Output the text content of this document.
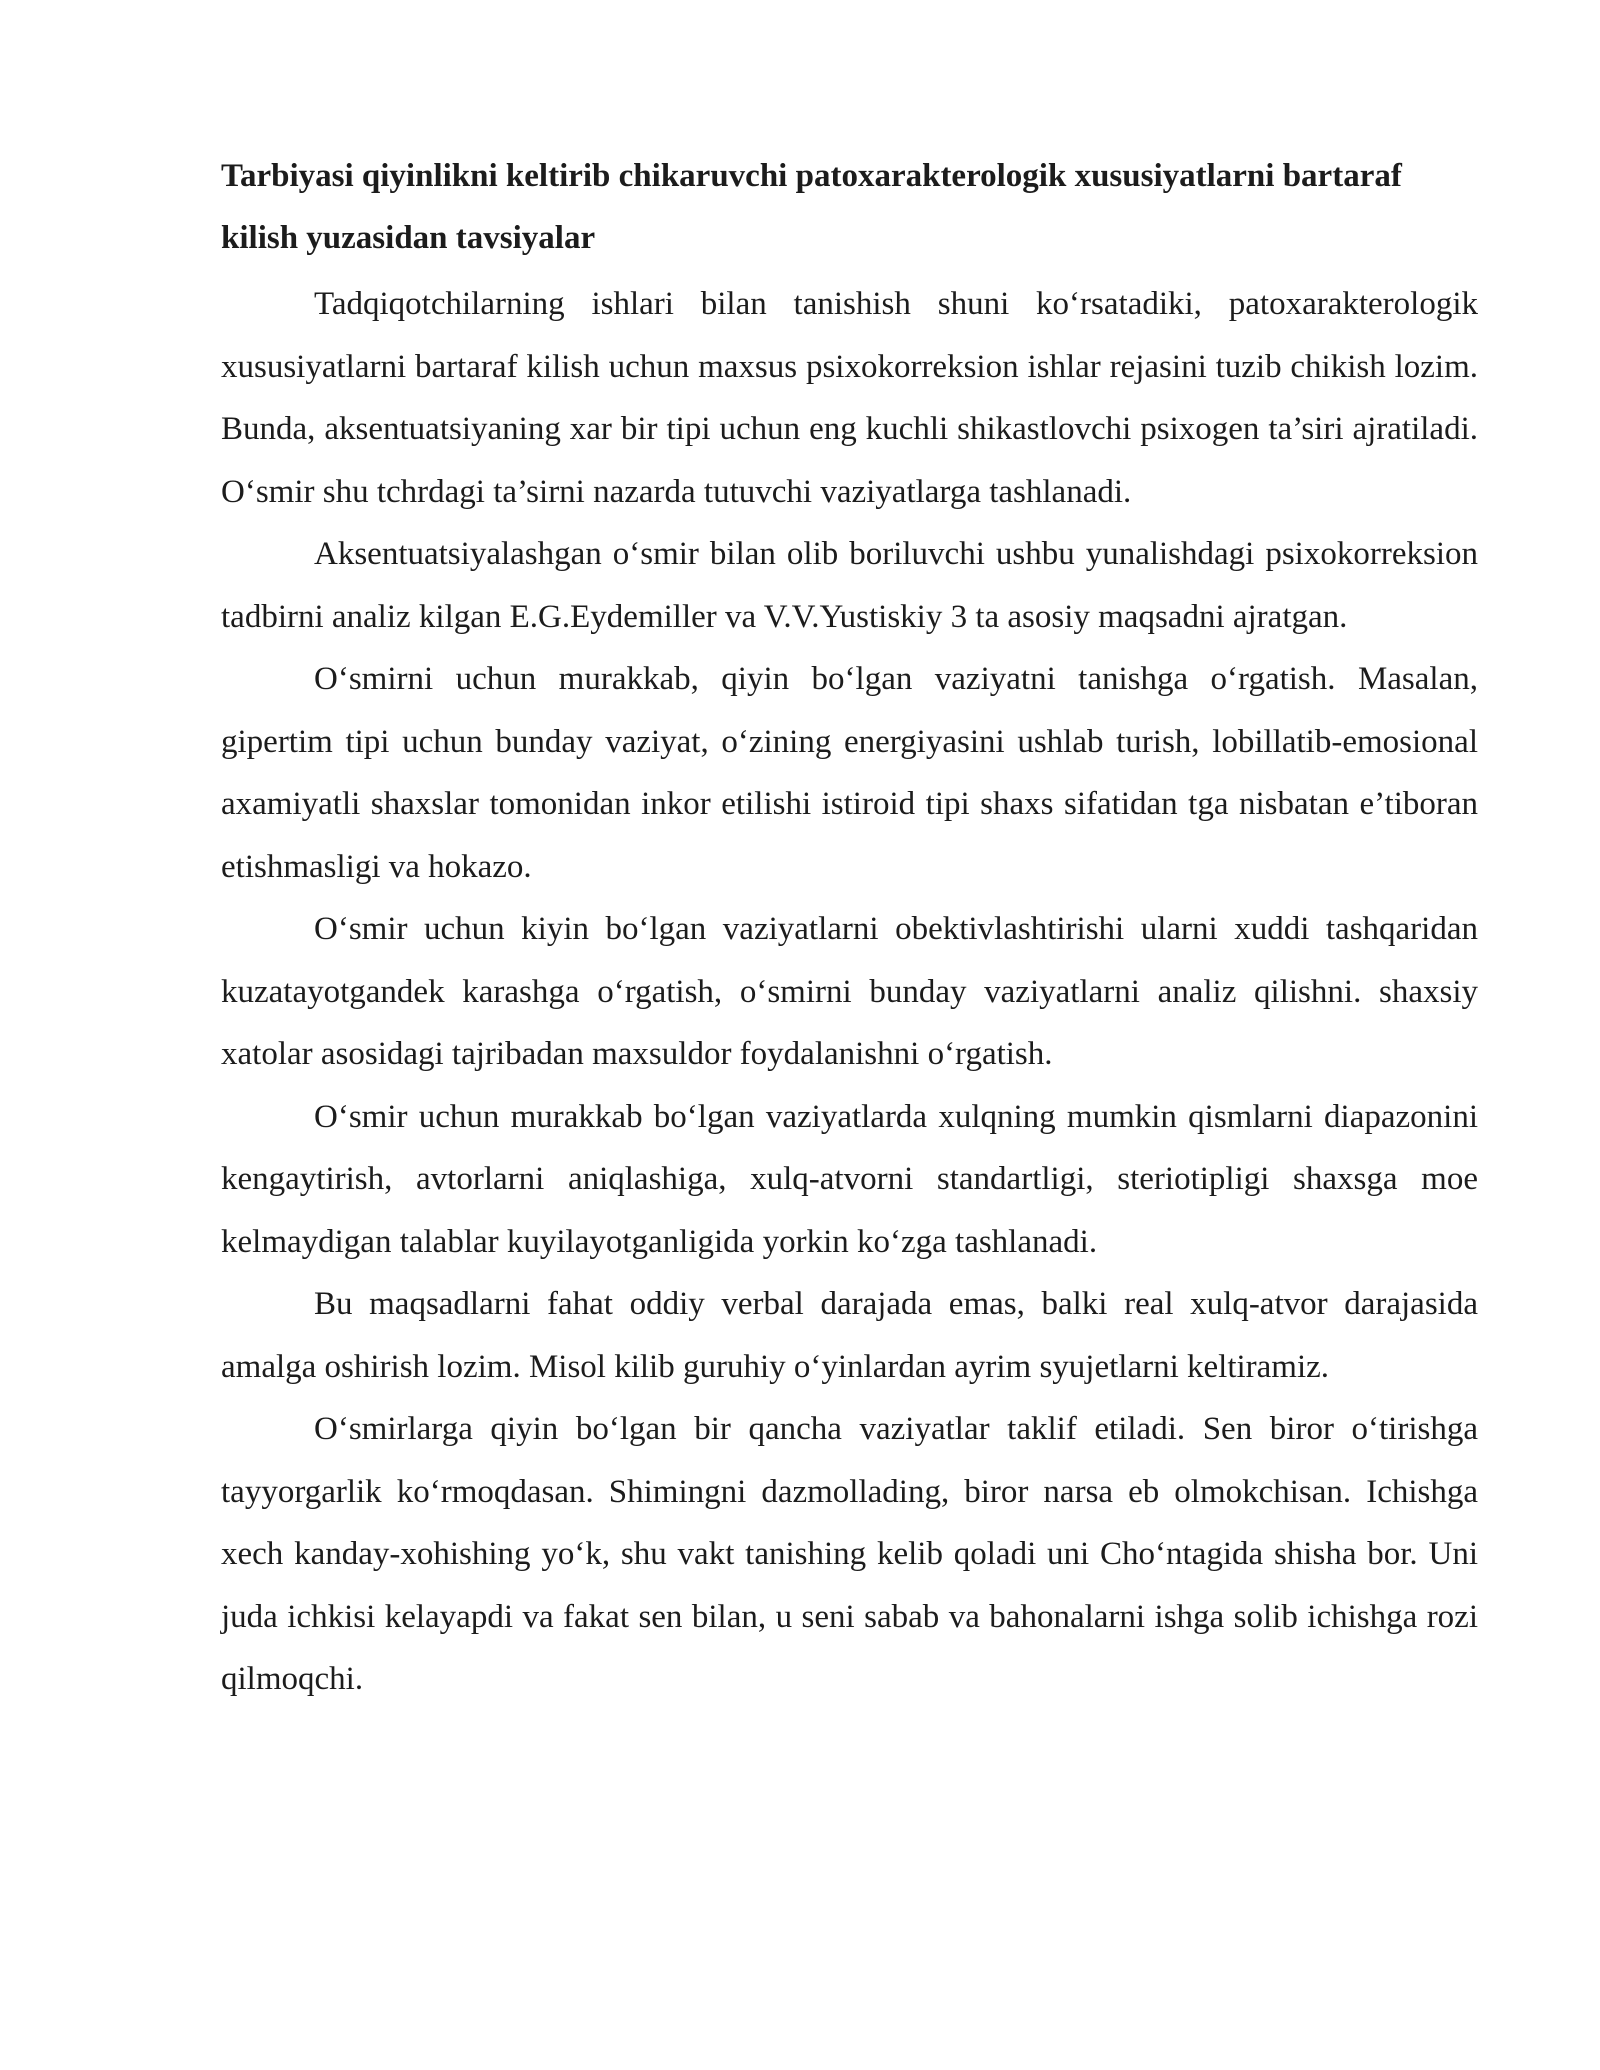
Tarbiyasi qiyinlikni keltirib chikaruvchi patoxarakterologik xususiyatlarni bartaraf kilish yuzasidan tavsiyalar

Tadqiqotchilarning ishlari bilan tanishish shuni ko‘rsatadiki, patoxarakterologik xususiyatlarni bartaraf kilish uchun maxsus psixokorreksion ishlar rejasini tuzib chikish lozim. Bunda, aksentuatsiyaning xar bir tipi uchun eng kuchli shikastlovchi psixogen ta’siri ajratiladi. O‘smir shu tchrdagi ta’sirni nazarda tutuvchi vaziyatlarga tashlanadi.

Aksentuatsiyalashgan o‘smir bilan olib boriluvchi ushbu yunalishdagi psixokorreksion tadbirni analiz kilgan E.G.Eydemiller va V.V.Yustiskiy 3 ta asosiy maqsadni ajratgan.

O‘smirni uchun murakkab, qiyin bo‘lgan vaziyatni tanishga o‘rgatish. Masalan, gipertim tipi uchun bunday vaziyat, o‘zining energiyasini ushlab turish, lobillatib-emosional axamiyatli shaxslar tomonidan inkor etilishi istiroid tipi shaxs sifatidan tga nisbatan e’tiboran etishmasligi va hokazo.

O‘smir uchun kiyin bo‘lgan vaziyatlarni obektivlashtirishi ularni xuddi tashqaridan kuzatayotgandek karashga o‘rgatish, o‘smirni bunday vaziyatlarni analiz qilishni. shaxsiy xatolar asosidagi tajribadan maxsuldor foydalanishni o‘rgatish.

O‘smir uchun murakkab bo‘lgan vaziyatlarda xulqning mumkin qismlarni diapazonini kengaytirish, avtorlarni aniqlashiga, xulq-atvorni standartligi, steriotipligi shaxsga moe kelmaydigan talablar kuyilayotganligida yorkin ko‘zga tashlanadi.

Bu maqsadlarni fahat oddiy verbal darajada emas, balki real xulq-atvor darajasida amalga oshirish lozim. Misol kilib guruhiy o‘yinlardan ayrim syujetlarni keltiramiz.

O‘smirlarga qiyin bo‘lgan bir qancha vaziyatlar taklif etiladi. Sen biror o‘tirishga tayyorgarlik ko‘rmoqdasan. Shimingni dazmollading, biror narsa eb olmokchisan. Ichishga xech kanday-xohishing yo‘k, shu vakt tanishing kelib qoladi uni Cho‘ntagida shisha bor. Uni juda ichkisi kelayapdi va fakat sen bilan, u seni sabab va bahonalarni ishga solib ichishga rozi qilmoqchi.
